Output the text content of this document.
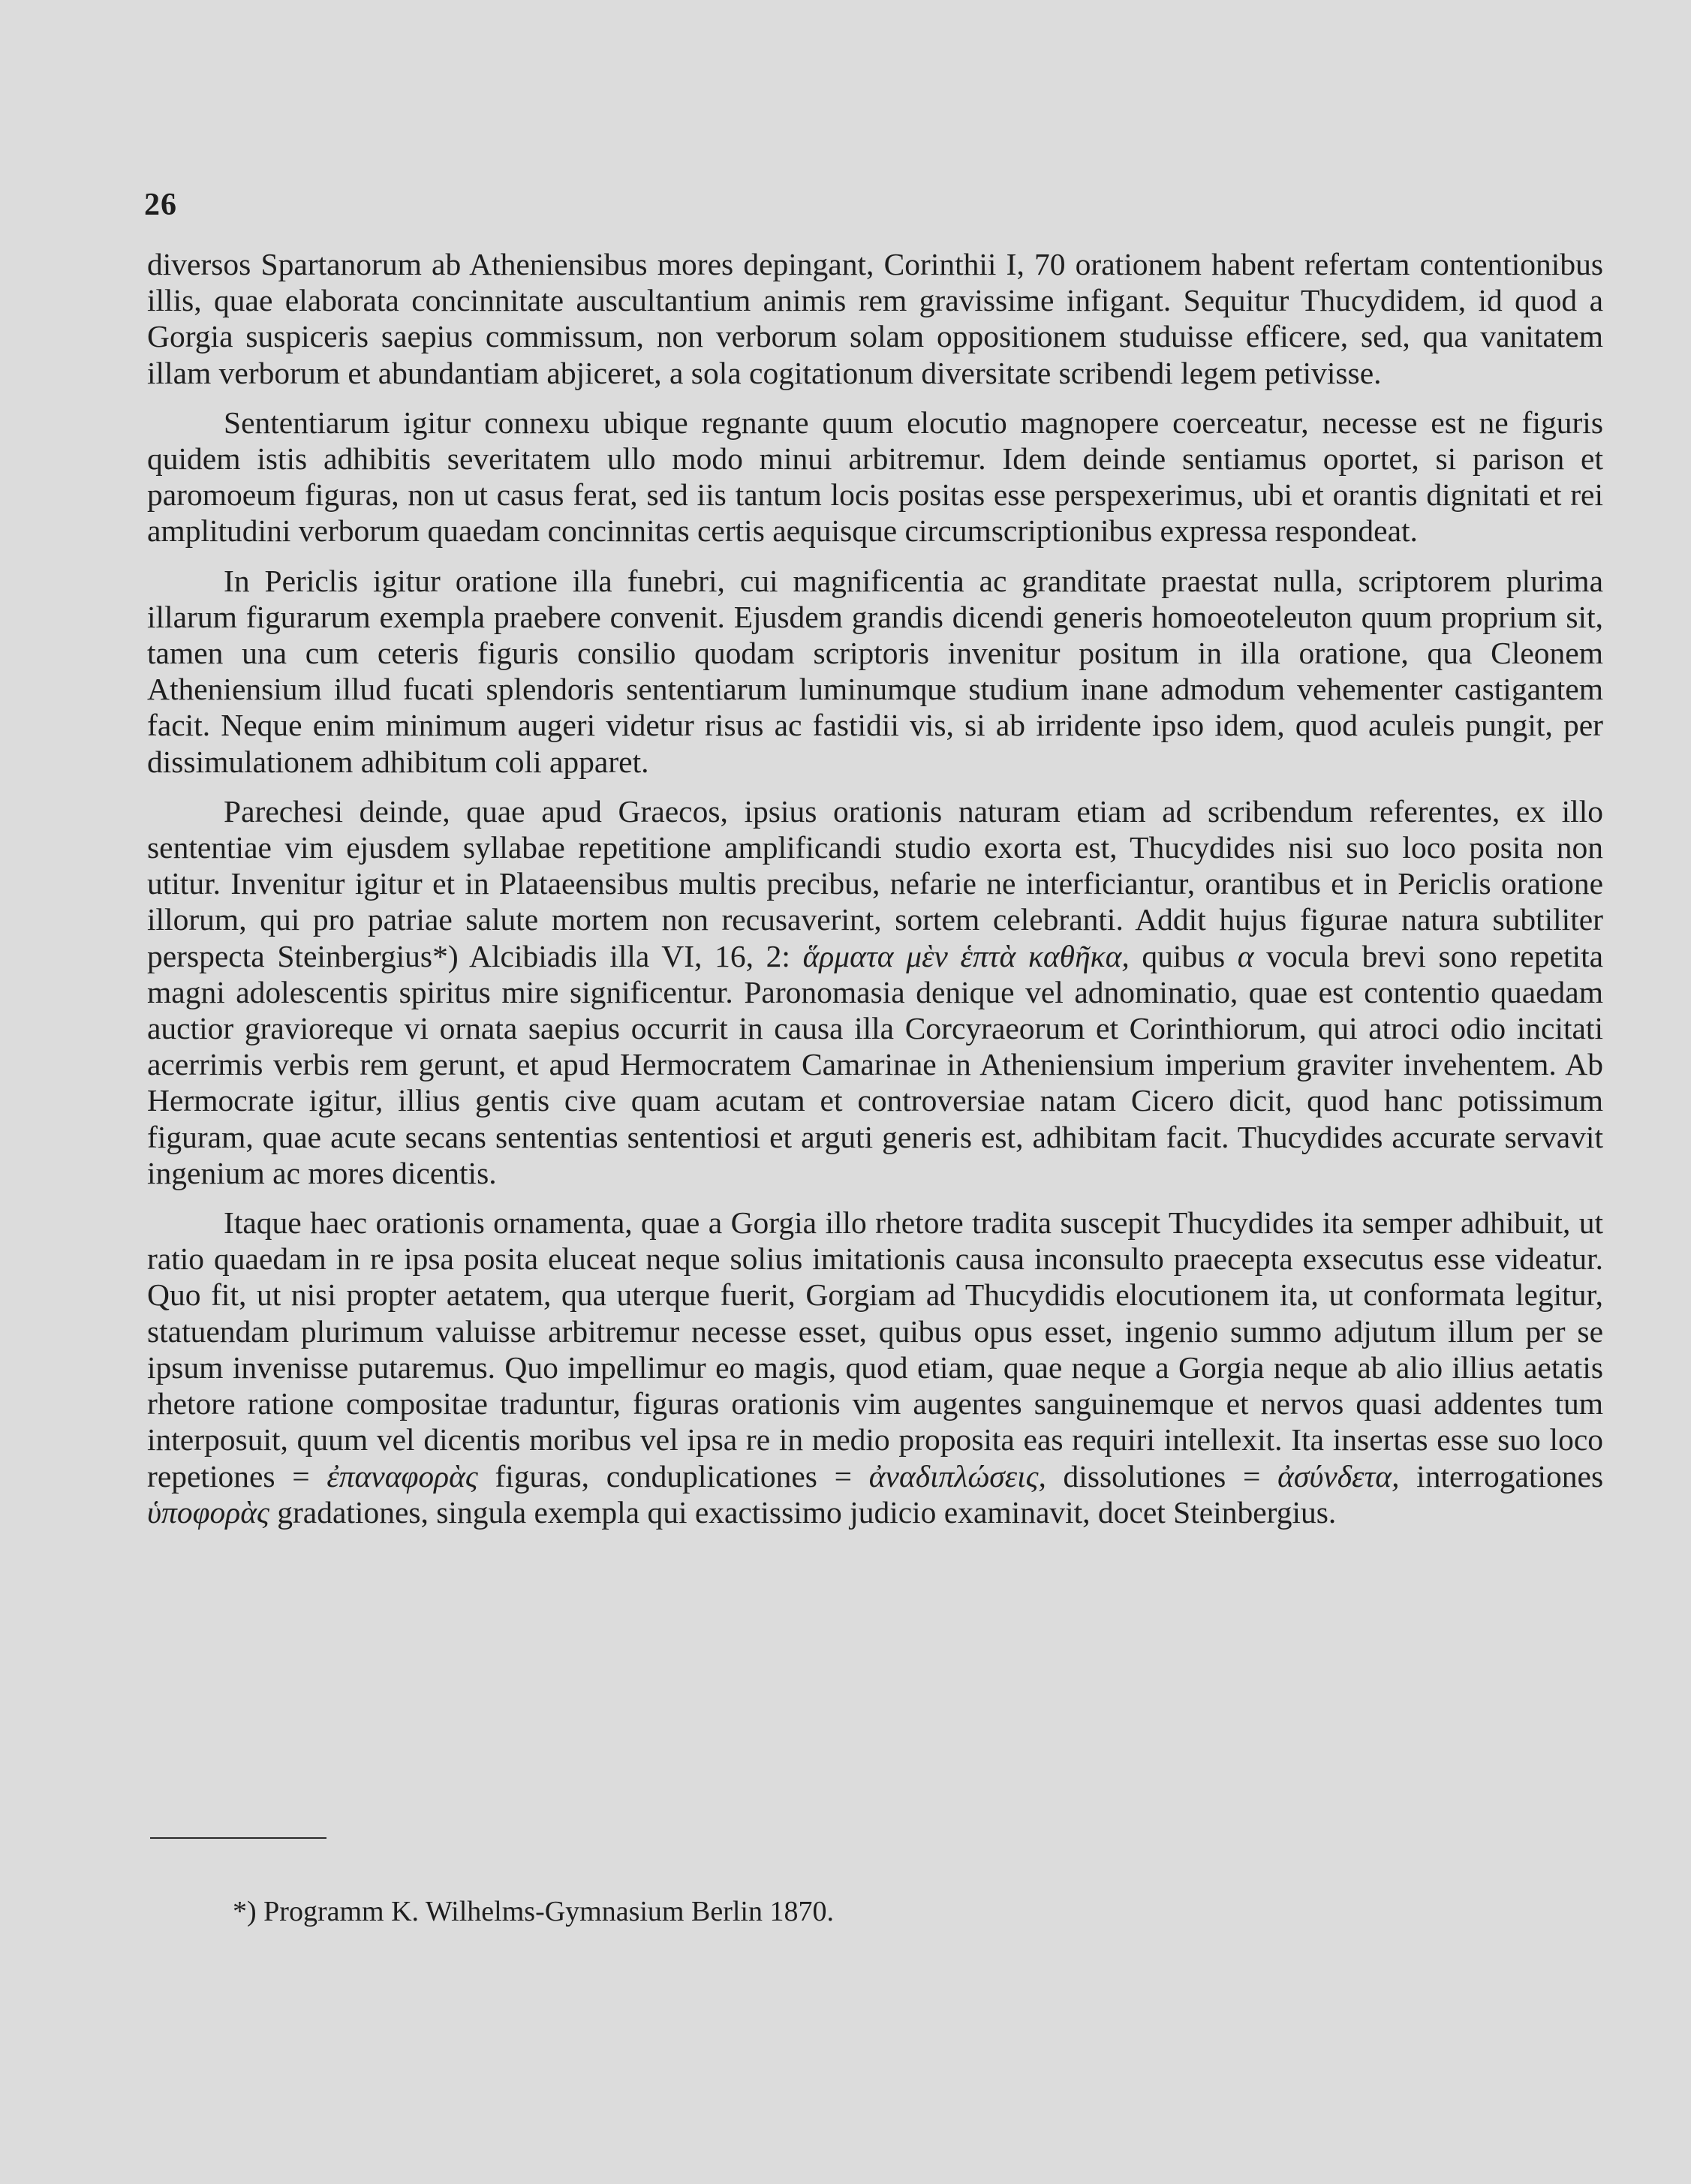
26

diversos Spartanorum ab Atheniensibus mores depingant, Corinthii I, 70 orationem habent refertam contentionibus illis, quae elaborata concinnitate auscultantium animis rem gravissime infigant. Sequitur Thucydidem, id quod a Gorgia suspiceris saepius commissum, non verborum solam oppositionem studuisse efficere, sed, qua vanitatem illam verborum et abundantiam abjiceret, a sola cogitationum diversitate scribendi legem petivisse.

Sententiarum igitur connexu ubique regnante quum elocutio magnopere coerceatur, necesse est ne figuris quidem istis adhibitis severitatem ullo modo minui arbitremur. Idem deinde sentiamus oportet, si parison et paromoeum figuras, non ut casus ferat, sed iis tantum locis positas esse perspexerimus, ubi et orantis dignitati et rei amplitudini verborum quaedam concinnitas certis aequisque circumscriptionibus expressa respondeat.

In Periclis igitur oratione illa funebri, cui magnificentia ac granditate praestat nulla, scriptorem plurima illarum figurarum exempla praebere convenit. Ejusdem grandis dicendi generis homoeoteleuton quum proprium sit, tamen una cum ceteris figuris consilio quodam scriptoris invenitur positum in illa oratione, qua Cleonem Atheniensium illud fucati splendoris sententiarum luminumque studium inane admodum vehementer castigantem facit. Neque enim minimum augeri videtur risus ac fastidii vis, si ab irridente ipso idem, quod aculeis pungit, per dissimulationem adhibitum coli apparet.

Parechesi deinde, quae apud Graecos, ipsius orationis naturam etiam ad scribendum referentes, ex illo sententiae vim ejusdem syllabae repetitione amplificandi studio exorta est, Thucydides nisi suo loco posita non utitur. Invenitur igitur et in Plataeensibus multis precibus, nefarie ne interficiantur, orantibus et in Periclis oratione illorum, qui pro patriae salute mortem non recusaverint, sortem celebranti. Addit hujus figurae natura subtiliter perspecta Steinbergius*) Alcibiadis illa VI, 16, 2: ἅρματα μὲν ἑπτὰ καθῆκα, quibus α vocula brevi sono repetita magni adolescentis spiritus mire significentur. Paronomasia denique vel adnominatio, quae est contentio quaedam auctior gravioreque vi ornata saepius occurrit in causa illa Corcyraeorum et Corinthiorum, qui atroci odio incitati acerrimis verbis rem gerunt, et apud Hermocratem Camarinae in Atheniensium imperium graviter invehentem. Ab Hermocrate igitur, illius gentis cive quam acutam et controversiae natam Cicero dicit, quod hanc potissimum figuram, quae acute secans sententias sententiosi et arguti generis est, adhibitam facit. Thucydides accurate servavit ingenium ac mores dicentis.

Itaque haec orationis ornamenta, quae a Gorgia illo rhetore tradita suscepit Thucydides ita semper adhibuit, ut ratio quaedam in re ipsa posita eluceat neque solius imitationis causa inconsulto praecepta exsecutus esse videatur. Quo fit, ut nisi propter aetatem, qua uterque fuerit, Gorgiam ad Thucydidis elocutionem ita, ut conformata legitur, statuendam plurimum valuisse arbitremur necesse esset, quibus opus esset, ingenio summo adjutum illum per se ipsum invenisse putaremus. Quo impellimur eo magis, quod etiam, quae neque a Gorgia neque ab alio illius aetatis rhetore ratione compositae traduntur, figuras orationis vim augentes sanguinemque et nervos quasi addentes tum interposuit, quum vel dicentis moribus vel ipsa re in medio proposita eas requiri intellexit. Ita insertas esse suo loco repetiones = ἐπαναφορὰς figuras, conduplicationes = ἀναδιπλώσεις, dissolutiones = ἀσύνδετα, interrogationes ὑποφορὰς gradationes, singula exempla qui exactissimo judicio examinavit, docet Steinbergius.

*) Programm K. Wilhelms-Gymnasium Berlin 1870.
